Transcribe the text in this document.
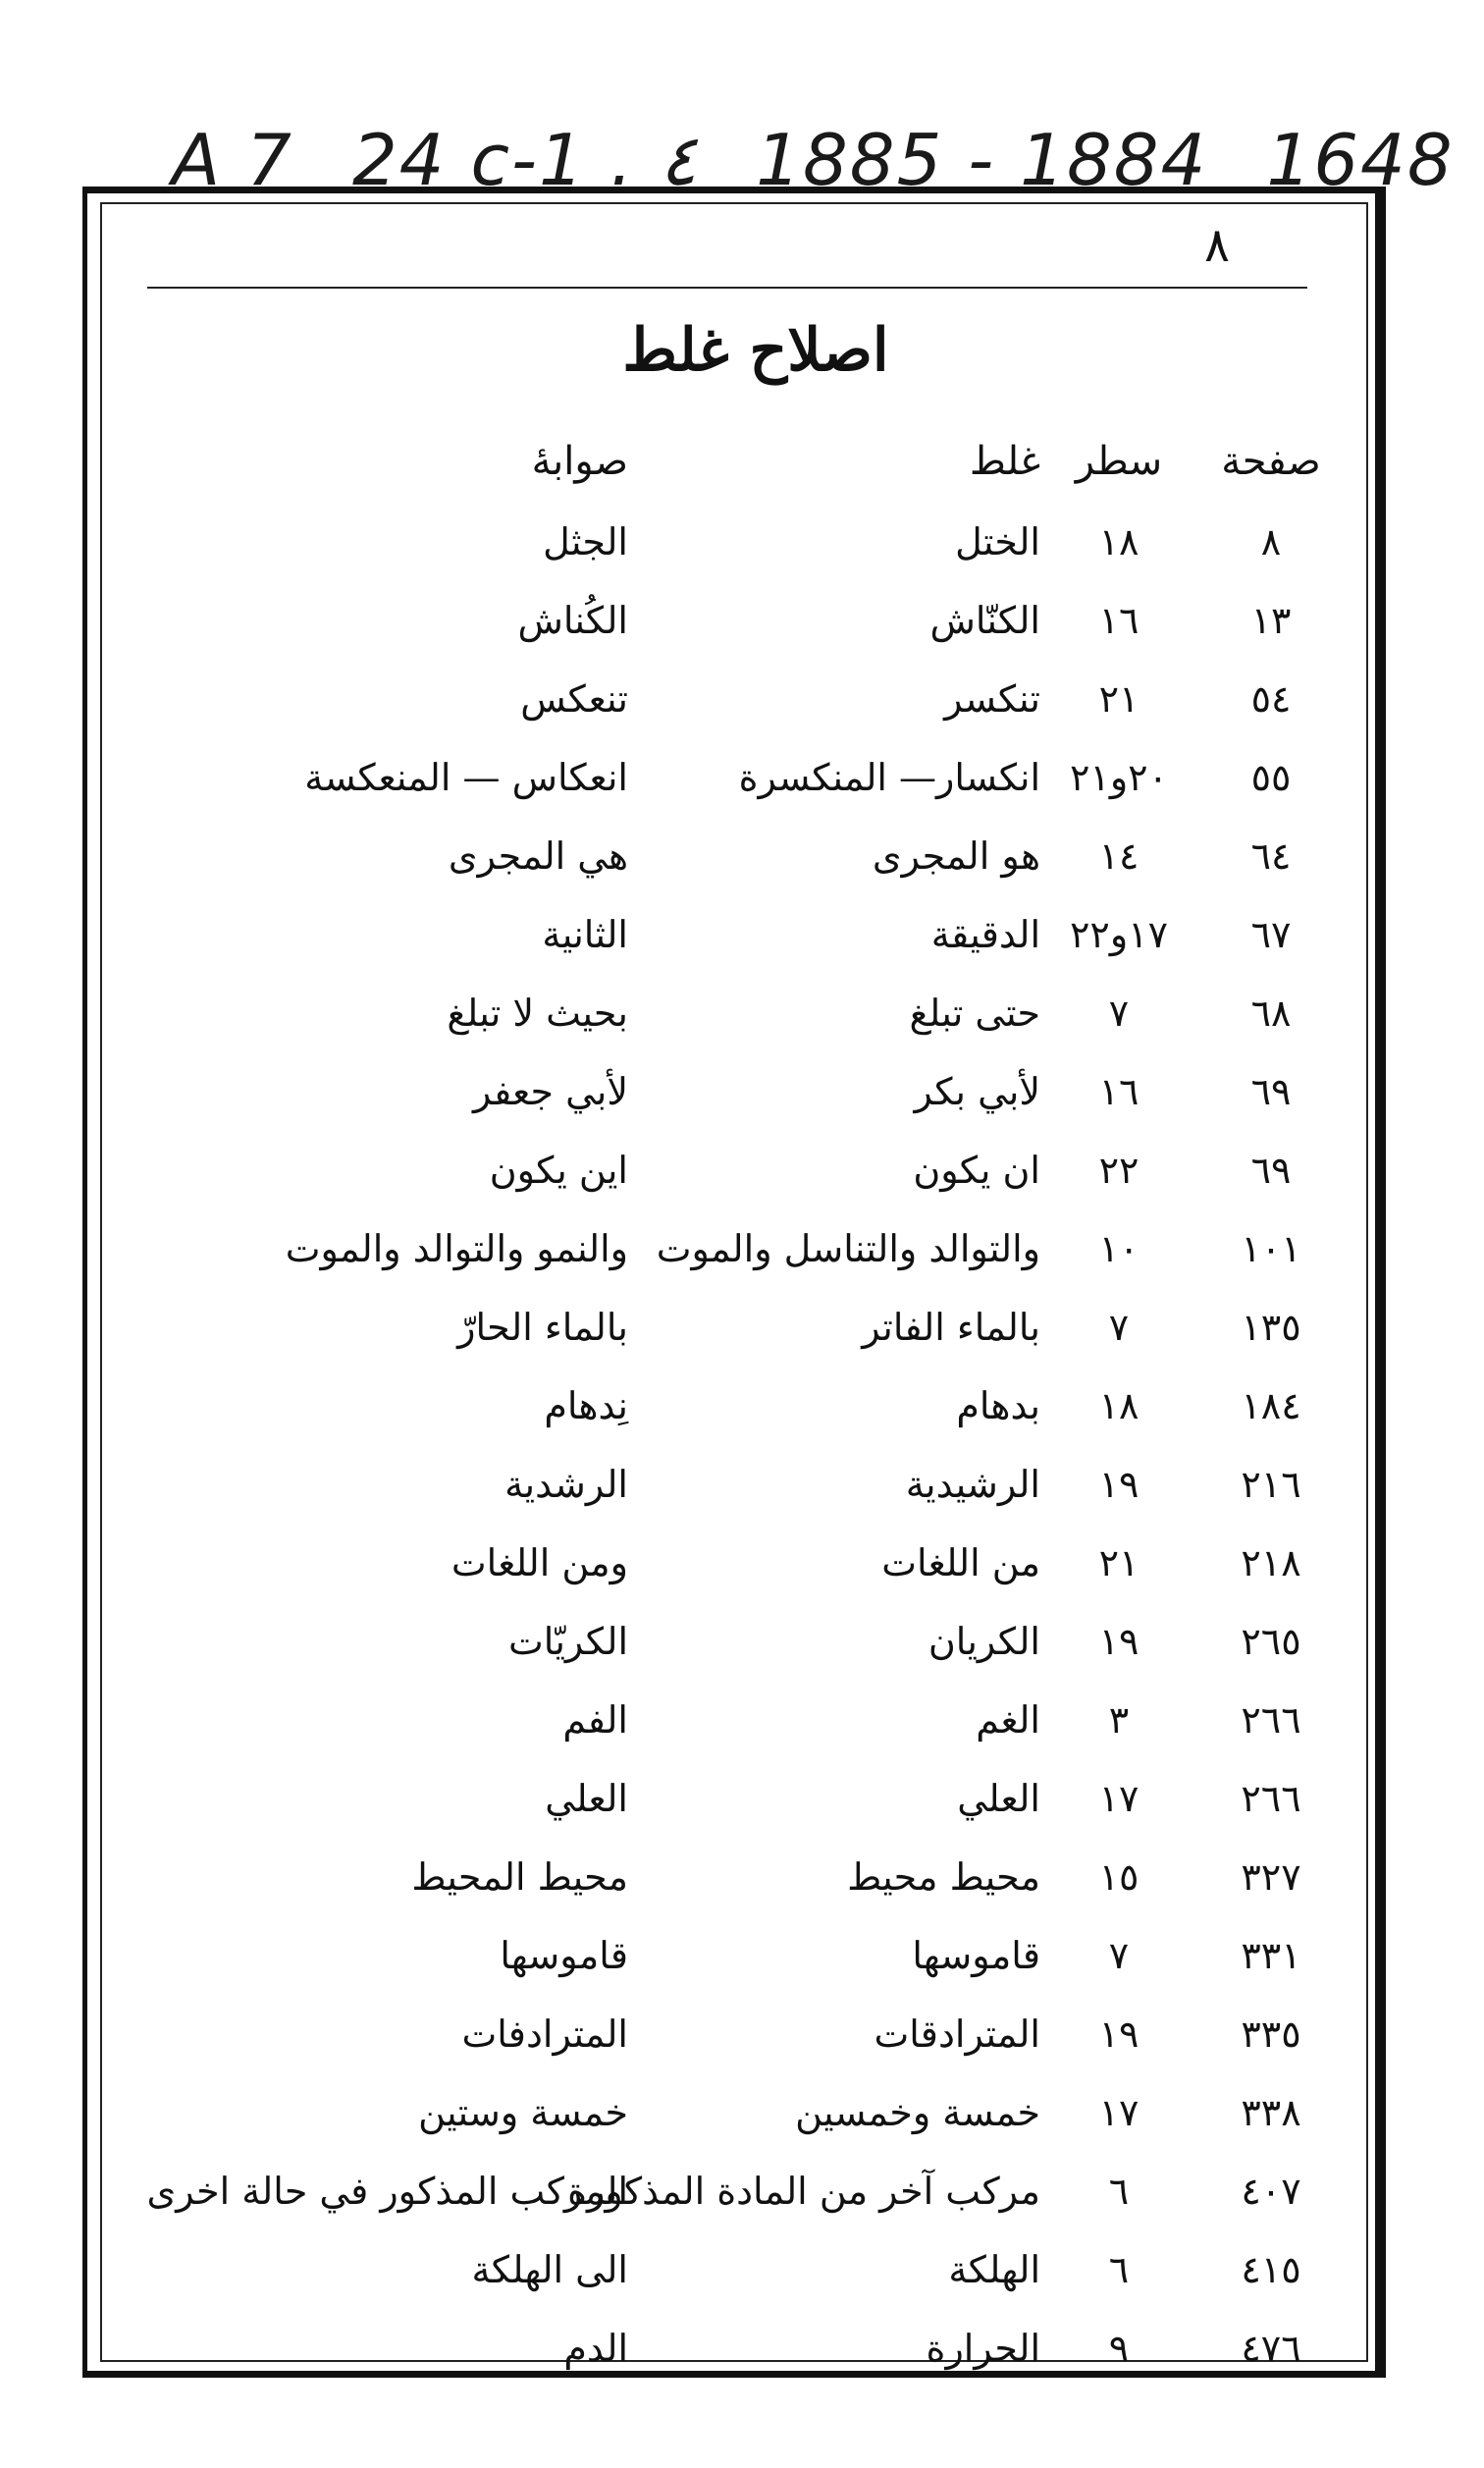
A 7 24 c-1 . ٤ 1885 - 1884 1648
٨
اصلاح غلط
صفحة
سطر
غلط
صوابهٔ
٨
١٨
الختل
الجثل
١٣
١٦
الكنّاش
الكُناش
٥٤
٢١
تنكسر
تنعكس
٥٥
٢٠و٢١
انكسار— المنكسرة
انعكاس — المنعكسة
٦٤
١٤
هو المجرى
هي المجرى
٦٧
١٧و٢٢
الدقيقة
الثانية
٦٨
٧
حتى تبلغ
بحيث لا تبلغ
٦٩
١٦
لأبي بكر
لأبي جعفر
٦٩
٢٢
ان يكون
اين يكون
١٠١
١٠
والتوالد والتناسل والموت
والنمو والتوالد والموت
١٣٥
٧
بالماء الفاتر
بالماء الحارّ
١٨٤
١٨
بدهام
نِدهام
٢١٦
١٩
الرشيدية
الرشدية
٢١٨
٢١
من اللغات
ومن اللغات
٢٦٥
١٩
الكريان
الكريّات
٢٦٦
٣
الغم
الفم
٢٦٦
١٧
العلي
العلي
٣٢٧
١٥
محيط محيط
محيط المحيط
٣٣١
٧
قاموسها
قاموسها
٣٣٥
١٩
المترادقات
المترادفات
٣٣٨
١٧
خمسة وخمسين
خمسة وستين
٤٠٧
٦
مركب آخر من المادة المذكورة
المركب المذكور في حالة اخرى
٤١٥
٦
الهلكة
الى الهلكة
٤٧٦
٩
الحرارة
الدم
